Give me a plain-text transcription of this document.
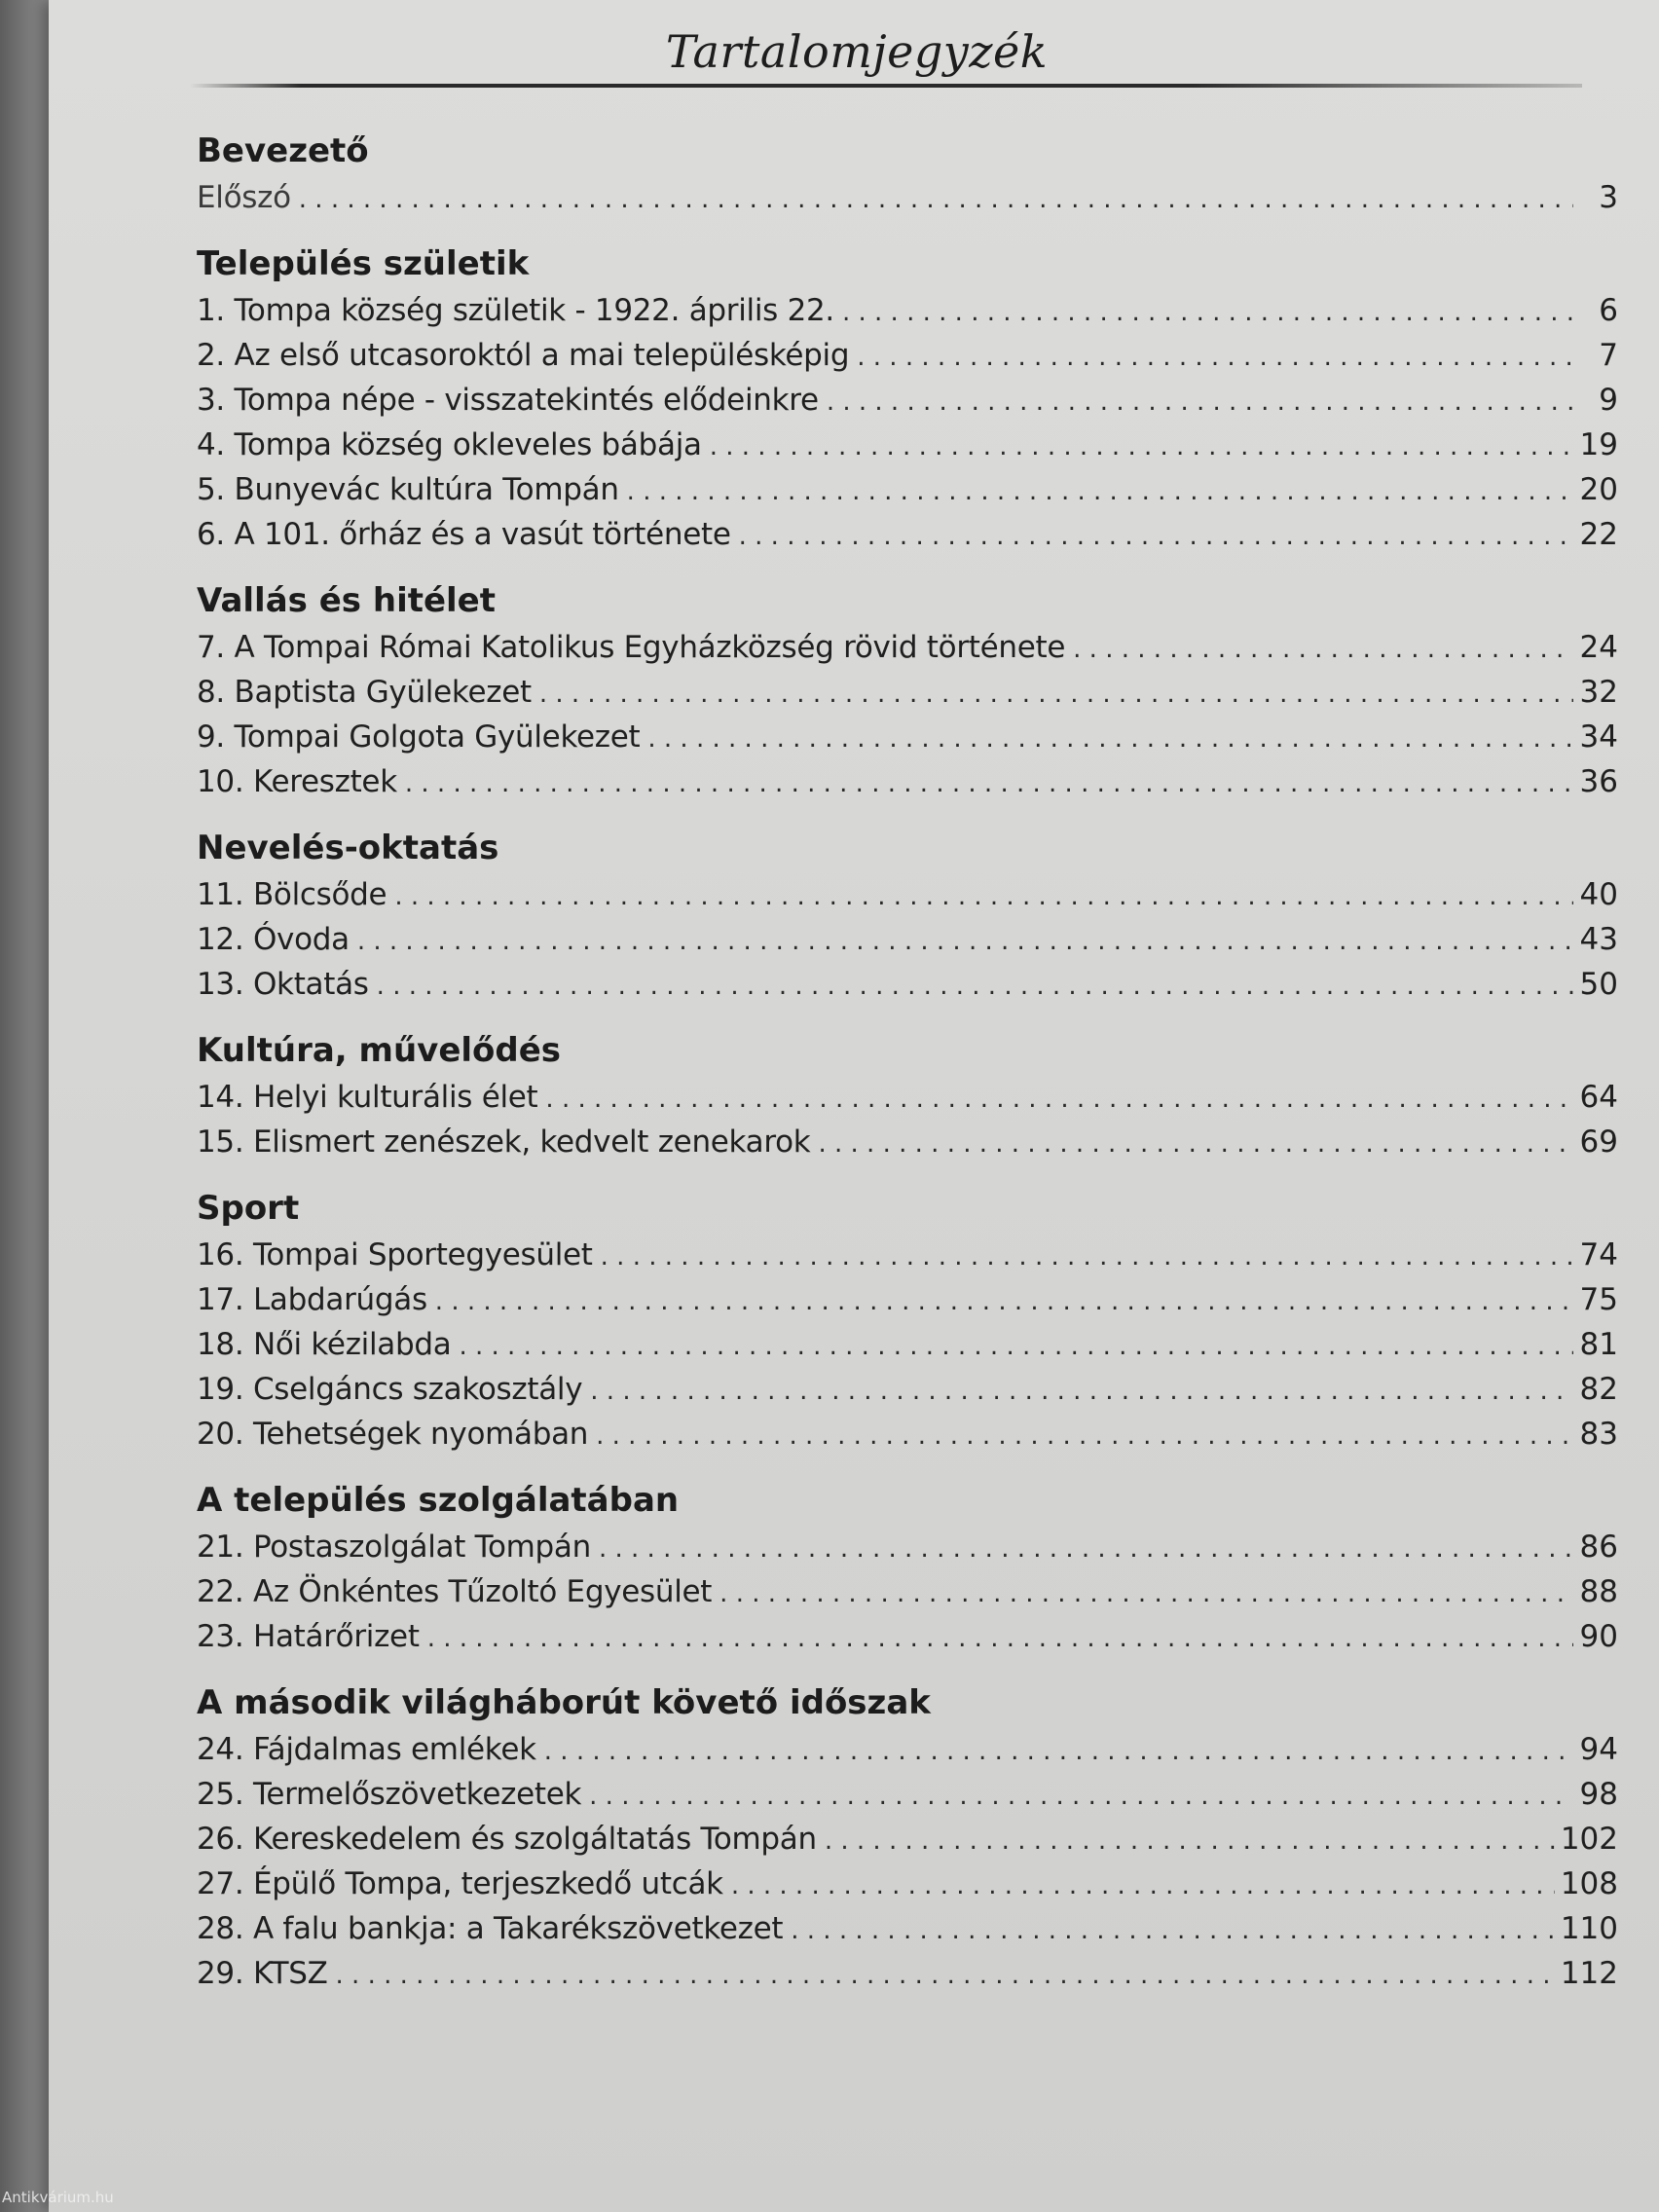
Tartalomjegyzék
Bevezető
Előszó . . .	3
Település születik
1. Tompa község születik - 1922. április 22. . . .	6
2. Az első utcasoroktól a mai településképig . . .	7
3. Tompa népe - visszatekintés elődeinkre . . .	9
4. Tompa község okleveles bábája . . .	19
5. Bunyevác kultúra Tompán . . .	20
6. A 101. őrház és a vasút története . . .	22
Vallás és hitélet
7. A Tompai Római Katolikus Egyházközség rövid története . . .	24
8. Baptista Gyülekezet . . .	32
9. Tompai Golgota Gyülekezet . . .	34
10. Keresztek . . .	36
Nevelés-oktatás
11. Bölcsőde . . .	40
12. Óvoda . . .	43
13. Oktatás . . .	50
Kultúra, művelődés
14. Helyi kulturális élet . . .	64
15. Elismert zenészek, kedvelt zenekarok . . .	69
Sport
16. Tompai Sportegyesület . . .	74
17. Labdarúgás . . .	75
18. Női kézilabda . . .	81
19. Cselgáncs szakosztály . . .	82
20. Tehetségek nyomában . . .	83
A település szolgálatában
21. Postaszolgálat Tompán . . .	86
22. Az Önkéntes Tűzoltó Egyesület . . .	88
23. Határőrizet . . .	90
A második világháborút követő időszak
24. Fájdalmas emlékek . . .	94
25. Termelőszövetkezetek . . .	98
26. Kereskedelem és szolgáltatás Tompán . . .	102
27. Épülő Tompa, terjeszkedő utcák . . .	108
28. A falu bankja: a Takarékszövetkezet . . .	110
29. KTSZ . . .	112
Antikvárium.hu
